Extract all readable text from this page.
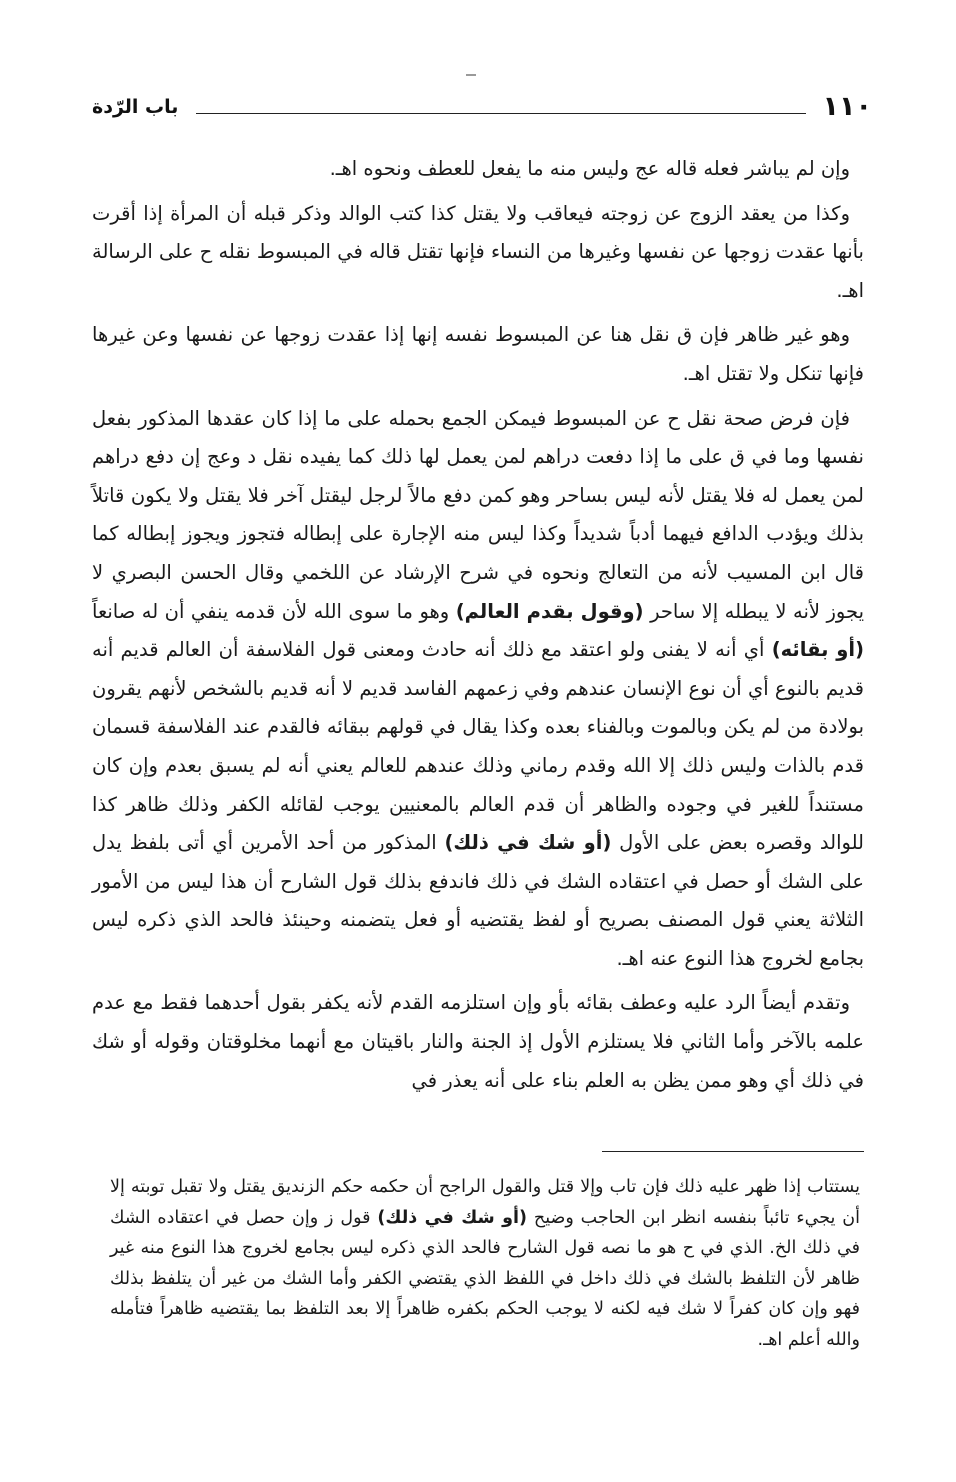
١١٠
باب الرّدة

وإن لم يباشر فعله قاله عج وليس منه ما يفعل للعطف ونحوه اهـ.

وكذا من يعقد الزوج عن زوجته فيعاقب ولا يقتل كذا كتب الوالد وذكر قبله أن المرأة إذا أقرت بأنها عقدت زوجها عن نفسها وغيرها من النساء فإنها تقتل قاله في المبسوط نقله ح على الرسالة اهـ.

وهو غير ظاهر فإن ق نقل هنا عن المبسوط نفسه إنها إذا عقدت زوجها عن نفسها وعن غيرها فإنها تنكل ولا تقتل اهـ.

فإن فرض صحة نقل ح عن المبسوط فيمكن الجمع بحمله على ما إذا كان عقدها المذكور بفعل نفسها وما في ق على ما إذا دفعت دراهم لمن يعمل لها ذلك كما يفيده نقل د وعج إن دفع دراهم لمن يعمل له فلا يقتل لأنه ليس بساحر وهو كمن دفع مالاً لرجل ليقتل آخر فلا يقتل ولا يكون قاتلاً بذلك ويؤدب الدافع فيهما أدباً شديداً وكذا ليس منه الإجارة على إبطاله فتجوز ويجوز إبطاله كما قال ابن المسيب لأنه من التعالج ونحوه في شرح الإرشاد عن اللخمي وقال الحسن البصري لا يجوز لأنه لا يبطله إلا ساحر (وقول بقدم العالم) وهو ما سوى الله لأن قدمه ينفي أن له صانعاً (أو بقائه) أي أنه لا يفنى ولو اعتقد مع ذلك أنه حادث ومعنى قول الفلاسفة أن العالم قديم أنه قديم بالنوع أي أن نوع الإنسان عندهم وفي زعمهم الفاسد قديم لا أنه قديم بالشخص لأنهم يقرون بولادة من لم يكن وبالموت وبالفناء بعده وكذا يقال في قولهم ببقائه فالقدم عند الفلاسفة قسمان قدم بالذات وليس ذلك إلا الله وقدم رماني وذلك عندهم للعالم يعني أنه لم يسبق بعدم وإن كان مستنداً للغير في وجوده والظاهر أن قدم العالم بالمعنيين يوجب لقائله الكفر وذلك ظاهر كذا للوالد وقصره بعض على الأول (أو شك في ذلك) المذكور من أحد الأمرين أي أتى بلفظ يدل على الشك أو حصل في اعتقاده الشك في ذلك فاندفع بذلك قول الشارح أن هذا ليس من الأمور الثلاثة يعني قول المصنف بصريح أو لفظ يقتضيه أو فعل يتضمنه وحينئذ فالحد الذي ذكره ليس بجامع لخروج هذا النوع عنه اهـ.

وتقدم أيضاً الرد عليه وعطف بقائه بأو وإن استلزمه القدم لأنه يكفر بقول أحدهما فقط مع عدم علمه بالآخر وأما الثاني فلا يستلزم الأول إذ الجنة والنار باقيتان مع أنهما مخلوقتان وقوله أو شك في ذلك أي وهو ممن يظن به العلم بناء على أنه يعذر في

يستتاب إذا ظهر عليه ذلك فإن تاب وإلا قتل والقول الراجح أن حكمه حكم الزنديق يقتل ولا تقبل توبته إلا أن يجيء تائباً بنفسه انظر ابن الحاجب وضيح (أو شك في ذلك) قول ز وإن حصل في اعتقاده الشك في ذلك الخ. الذي في ح هو ما نصه قول الشارح فالحد الذي ذكره ليس بجامع لخروج هذا النوع منه غير ظاهر لأن التلفظ بالشك في ذلك داخل في اللفظ الذي يقتضي الكفر وأما الشك من غير أن يتلفظ بذلك فهو وإن كان كفراً لا شك فيه لكنه لا يوجب الحكم بكفره ظاهراً إلا بعد التلفظ بما يقتضيه ظاهراً فتأمله والله أعلم اهـ.
